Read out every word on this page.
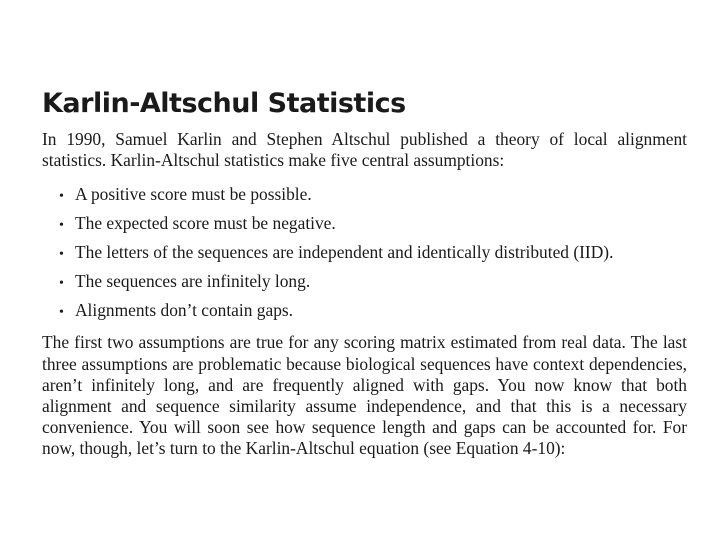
Karlin-Altschul Statistics

In 1990, Samuel Karlin and Stephen Altschul published a theory of local alignment statistics. Karlin-Altschul statistics make five central assumptions:

• A positive score must be possible.
• The expected score must be negative.
• The letters of the sequences are independent and identically distributed (IID).
• The sequences are infinitely long.
• Alignments don’t contain gaps.

The first two assumptions are true for any scoring matrix estimated from real data. The last three assumptions are problematic because biological sequences have context dependencies, aren’t infinitely long, and are frequently aligned with gaps. You now know that both alignment and sequence similarity assume independence, and that this is a necessary convenience. You will soon see how sequence length and gaps can be accounted for. For now, though, let’s turn to the Karlin-Altschul equation (see Equation 4-10):
